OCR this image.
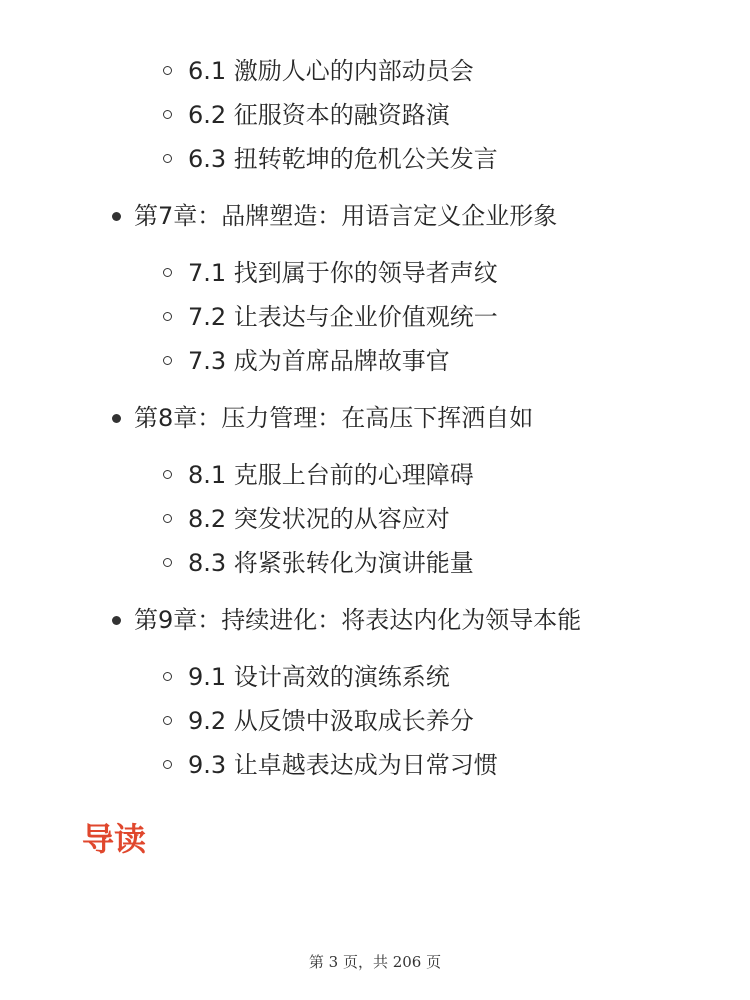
6.1 激励人心的内部动员会
6.2 征服资本的融资路演
6.3 扭转乾坤的危机公关发言
第7章：品牌塑造：用语言定义企业形象
7.1 找到属于你的领导者声纹
7.2 让表达与企业价值观统一
7.3 成为首席品牌故事官
第8章：压力管理：在高压下挥洒自如
8.1 克服上台前的心理障碍
8.2 突发状况的从容应对
8.3 将紧张转化为演讲能量
第9章：持续进化：将表达内化为领导本能
9.1 设计高效的演练系统
9.2 从反馈中汲取成长养分
9.3 让卓越表达成为日常习惯
导读
第 3 页，共 206 页
